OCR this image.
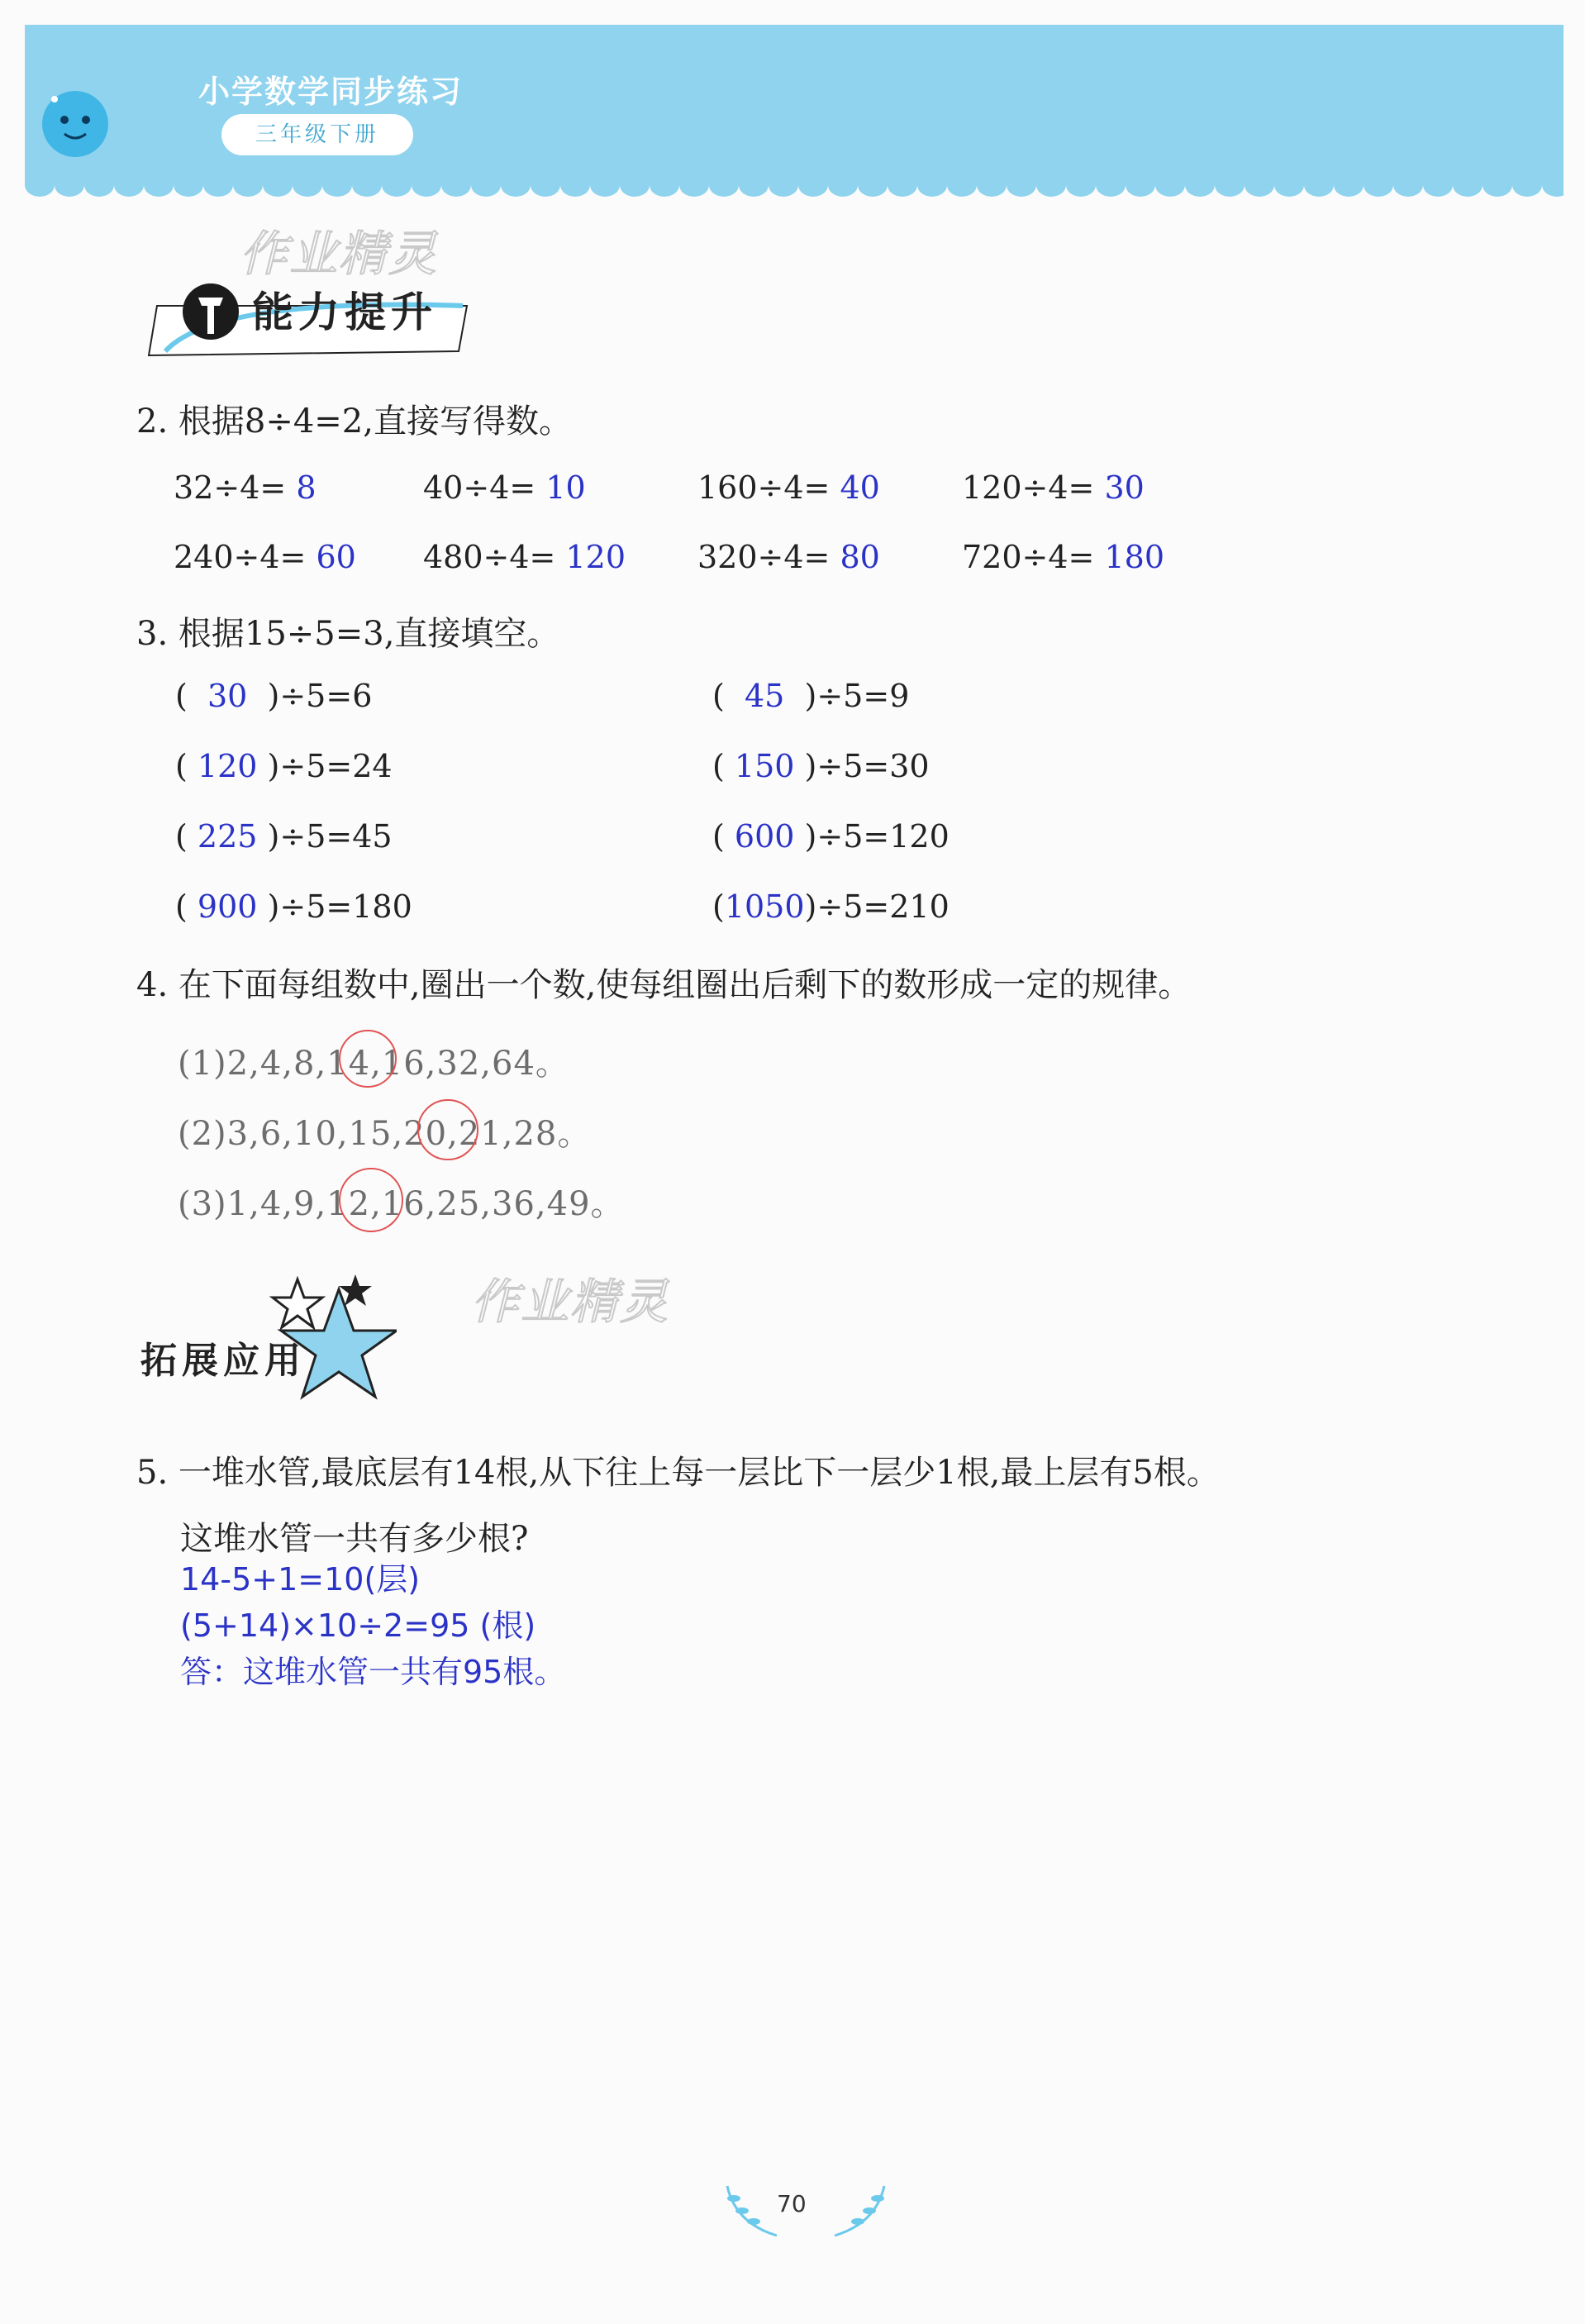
小学数学同步练习
三年级下册
作业精灵
作业精灵
能力提升
2. 根据8÷4=2,直接写得数。
32÷4= 8	40÷4= 10	160÷4= 40	120÷4= 30
240÷4= 60 480÷4= 120 320÷4= 80	720÷4= 180
3. 根据15÷5=3,直接填空。
(  30 )÷5=6	(  45 )÷5=9
( 120 )÷5=24	( 150 )÷5=30
( 225 )÷5=45	( 600 )÷5=120
( 900 )÷5=180	(1050)÷5=210
4. 在下面每组数中,圈出一个数,使每组圈出后剩下的数形成一定的规律。
(1)2,4,8,14,16,32,64。
(2)3,6,10,15,20,21,28。
(3)1,4,9,12,16,25,36,49。
拓展应用
5. 一堆水管,最底层有14根,从下往上每一层比下一层少1根,最上层有5根。
这堆水管一共有多少根?
14-5+1=10(层)
(5+14)×10÷2=95 (根)
答：这堆水管一共有95根。
70
